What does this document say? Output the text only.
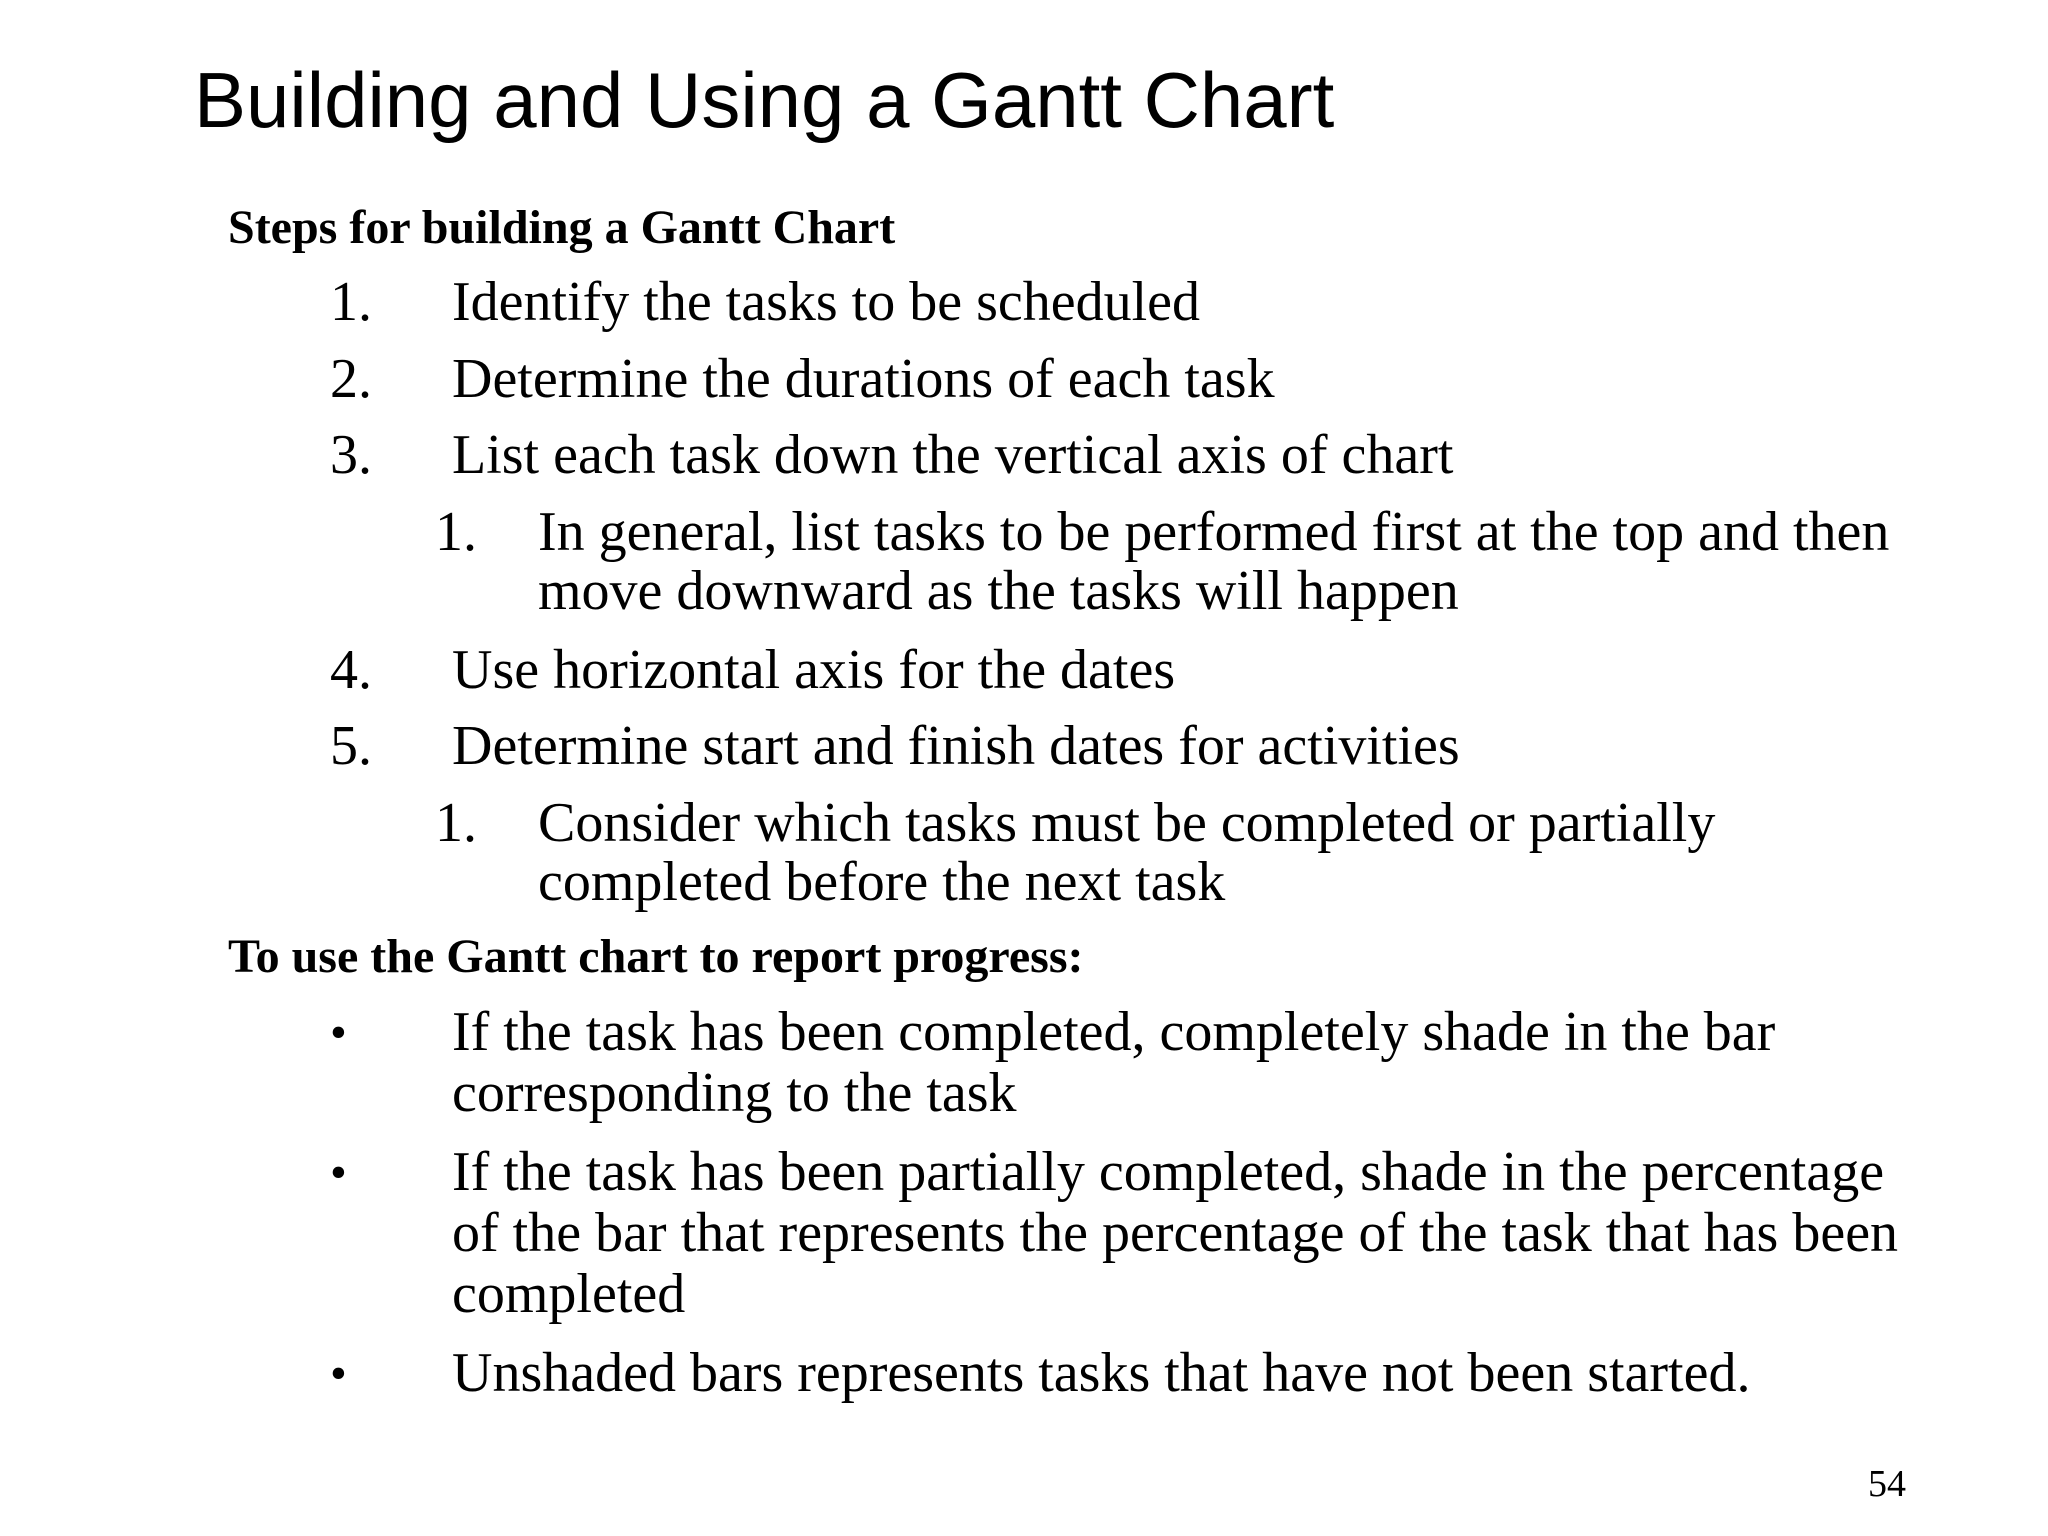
Building and Using a Gantt Chart
Steps for building a Gantt Chart
1. Identify the tasks to be scheduled
2. Determine the durations of each task
3. List each task down the vertical axis of chart
1. In general, list tasks to be performed first at the top and then
move downward as the tasks will happen
4. Use horizontal axis for the dates
5. Determine start and finish dates for activities
1. Consider which tasks must be completed or partially
completed before the next task
To use the Gantt chart to report progress:
• If the task has been completed, completely shade in the bar
corresponding to the task
• If the task has been partially completed, shade in the percentage
of the bar that represents the percentage of the task that has been
completed
• Unshaded bars represents tasks that have not been started.
54
